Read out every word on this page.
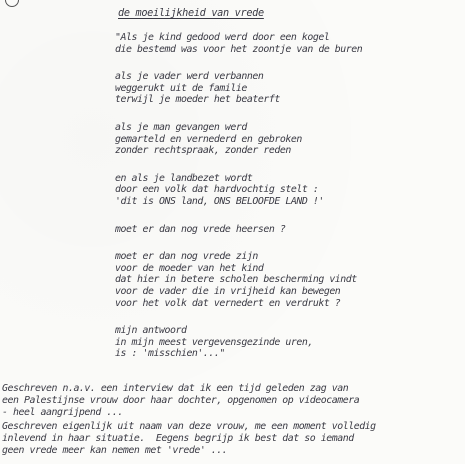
de moeilijkheid van vrede
"Als je kind gedood werd door een kogel
die bestemd was voor het zoontje van de buren
als je vader werd verbannen
weggerukt uit de familie
terwijl je moeder het beaterft
als je man gevangen werd
gemarteld en vernederd en gebroken
zonder rechtspraak, zonder reden
en als je landbezet wordt
door een volk dat hardvochtig stelt :
'dit is ONS land, ONS BELOOFDE LAND !'
moet er dan nog vrede heersen ?
moet er dan nog vrede zijn
voor de moeder van het kind
dat hier in betere scholen bescherming vindt
voor de vader die in vrijheid kan bewegen
voor het volk dat vernedert en verdrukt ?
mijn antwoord
in mijn meest vergevensgezinde uren,
is : 'misschien'..."
Geschreven n.a.v. een interview dat ik een tijd geleden zag van
een Palestijnse vrouw door haar dochter, opgenomen op videocamera
- heel aangrijpend ...
Geschreven eigenlijk uit naam van deze vrouw, me een moment volledig
inlevend in haar situatie.  Eegens begrijp ik best dat so iemand
geen vrede meer kan nemen met 'vrede' ...
